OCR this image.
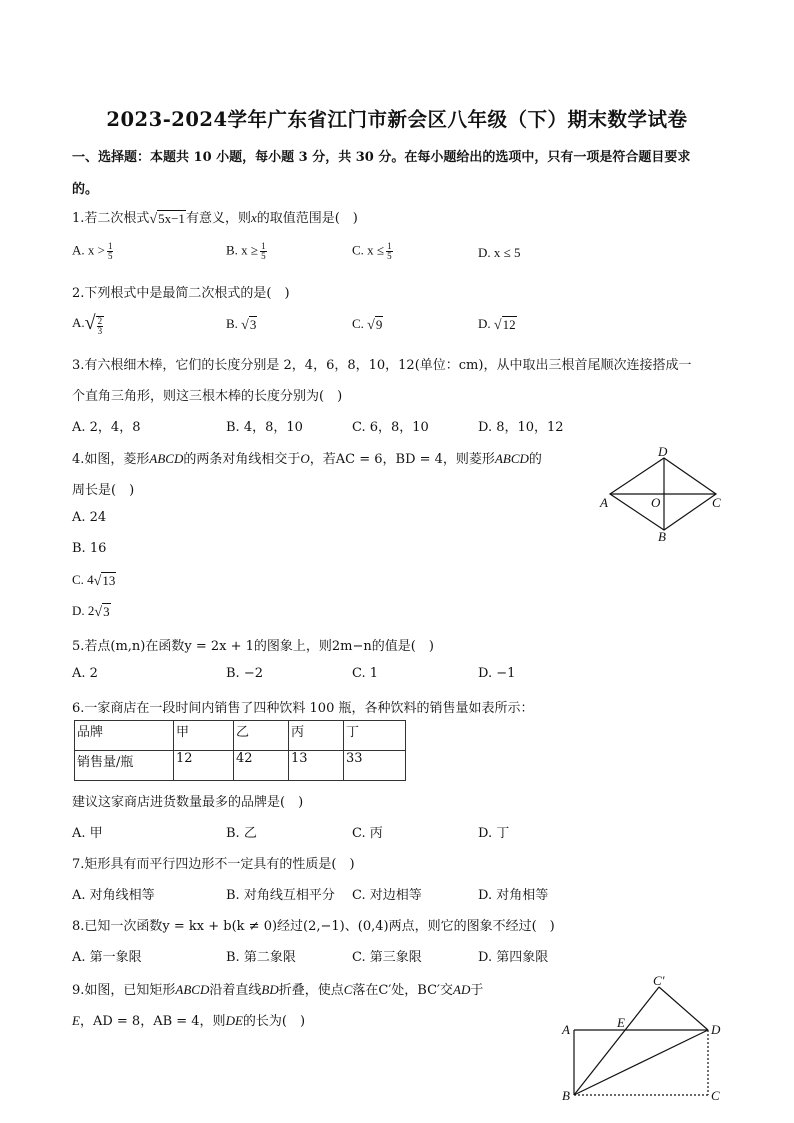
2023-2024学年广东省江门市新会区八年级（下）期末数学试卷
一、选择题：本题共 10 小题，每小题 3 分，共 30 分。在每小题给出的选项中，只有一项是符合题目要求
的。
1.若二次根式√5x−1有意义，则x的取值范围是(　)
A. $x > \frac{1}{5}$	B. $x \ge \frac{1}{5}$	C. $x \le \frac{1}{5}$	D. x ≤ 5
2.下列根式中是最简二次根式的是(　)
$A.√ \frac{2}{3}$	B. √3	C. √9	D. √12
3.有六根细木棒，它们的长度分别是 2，4，6，8，10，12(单位：cm)，从中取出三根首尾顺次连接搭成一
个直角三角形，则这三根木棒的长度分别为(　)
A. 2，4，8	B. 4，8，10	C. 6，8，10	D. 8，10，12
4.如图，菱形ABCD的两条对角线相交于O，若AC = 6，BD = 4，则菱形ABCD的
周长是(　)
A. 24
B. 16
C. 4√13
D. 2√3
D
A	O	C
B
5.若点(m,n)在函数y = 2x + 1的图象上，则2m−n的值是(　)
A. 2	B. −2	C. 1	D. −1
6.一家商店在一段时间内销售了四种饮料 100 瓶，各种饮料的销售量如表所示：
品牌	甲	乙	丙	丁
销售量/瓶	12	42	13	33
建议这家商店进货数量最多的品牌是(　)
A. 甲	B. 乙	C. 丙	D. 丁
7.矩形具有而平行四边形不一定具有的性质是(　)
A. 对角线相等	B. 对角线互相平分 C. 对边相等	D. 对角相等
8.已知一次函数y = kx + b(k ≠ 0)经过(2,−1)、(0,4)两点，则它的图象不经过(　)
A. 第一象限	B. 第二象限	C. 第三象限	D. 第四象限
9.如图，已知矩形ABCD沿着直线BD折叠，使点C落在C′处，BC′交AD于
E，AD = 8，AB = 4，则DE的长为(　)
C′
A	E	D
B	C
